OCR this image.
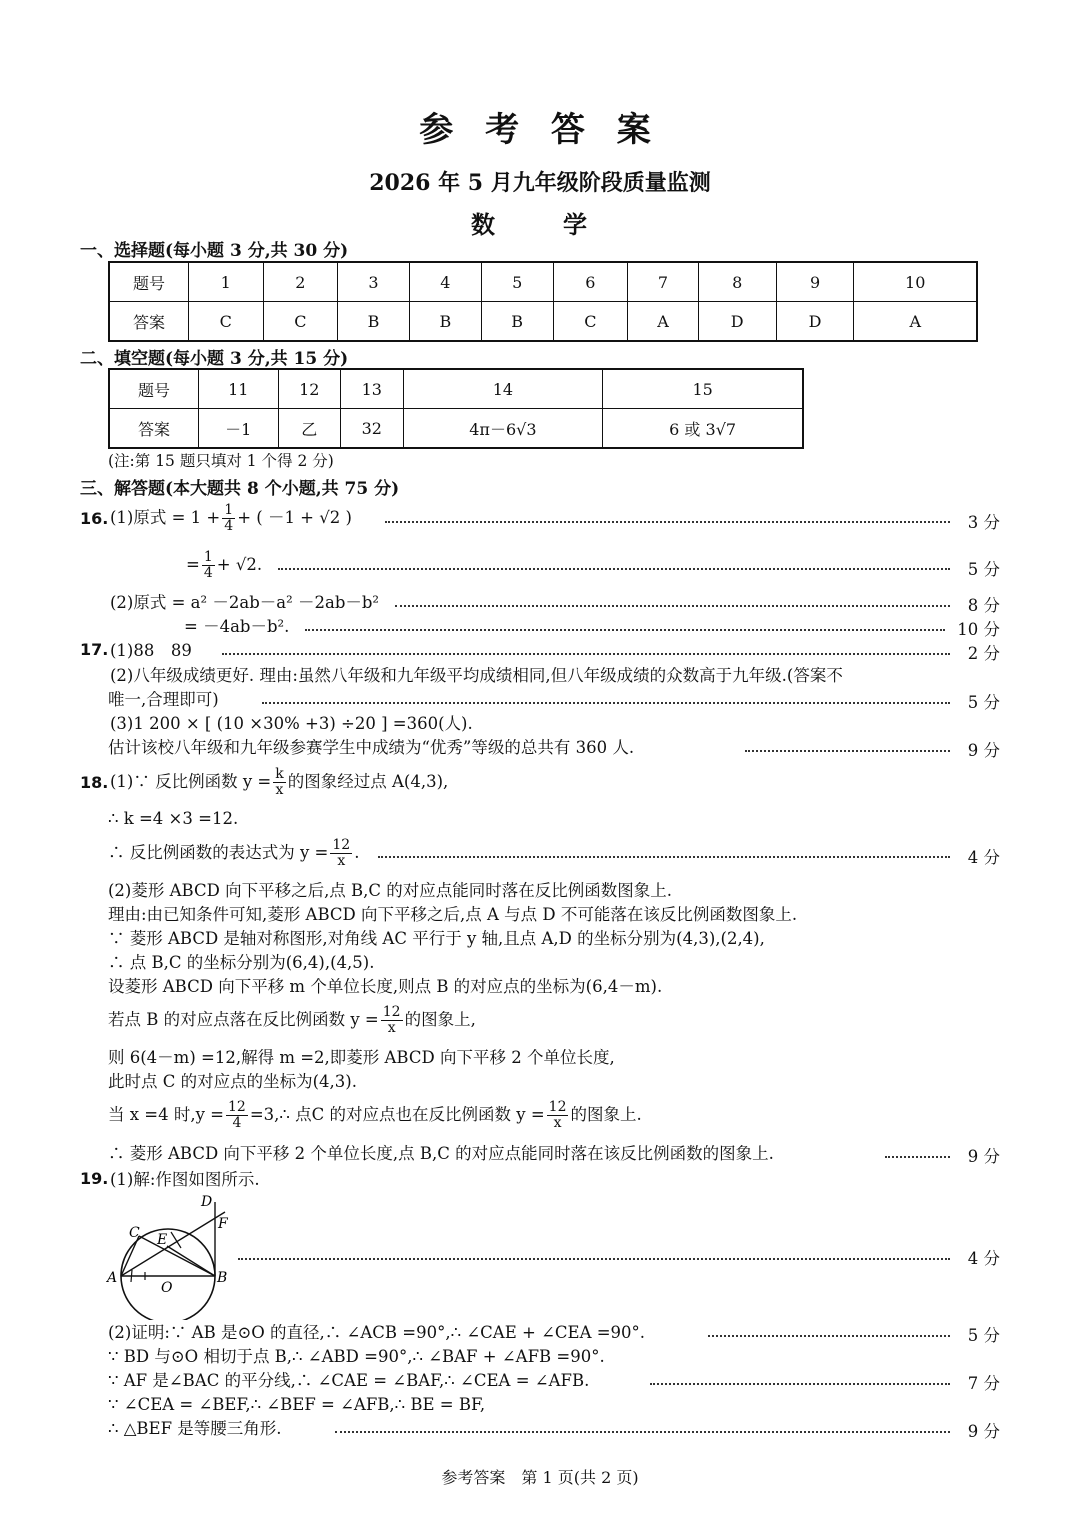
参 考 答 案
2026 年 5 月九年级阶段质量监测
数　学
一、选择题(每小题 3 分,共 30 分)
题号	1	2	3	4	5	6	7	8	9	10
答案	C	C	B	B	B	C	A	D	D	A
二、填空题(每小题 3 分,共 15 分)
题号	11	12	13	14	15
答案	－1	乙	32	4π－6√3	6 或 3√7
(注:第 15 题只填对 1 个得 2 分)
三、解答题(本大题共 8 个小题,共 75 分)
16. (1)原式 = $1 + \frac{1}{4}$ + ( －1 + √2 )	3 分
= $\frac{1}{4} + √2$.	5 分
(2)原式 = a² －2ab－a² －2ab－b²	8 分
= －4ab－b².	10 分
17. (1)88　89	2 分
(2)八年级成绩更好. 理由:虽然八年级和九年级平均成绩相同,但八年级成绩的众数高于九年级.(答案不
唯一,合理即可)	5 分
(3)1 200 × [ (10 ×30% +3) ÷20 ] =360(人).
估计该校八年级和九年级参赛学生中成绩为“优秀”等级的总共有 360 人.	9 分
18. (1)∵ 反比例函数 $y = \frac{k}{x}$ 的图象经过点 A(4,3),
∴ k =4 ×3 =12.
∴ 反比例函数的表达式为 $y = \frac{12}{x}$ .	4 分
(2)菱形 ABCD 向下平移之后,点 B,C 的对应点能同时落在反比例函数图象上.
理由:由已知条件可知,菱形 ABCD 向下平移之后,点 A 与点 D 不可能落在该反比例函数图象上.
∵ 菱形 ABCD 是轴对称图形,对角线 AC 平行于 y 轴,且点 A,D 的坐标分别为(4,3),(2,4),
∴ 点 B,C 的坐标分别为(6,4),(4,5).
设菱形 ABCD 向下平移 m 个单位长度,则点 B 的对应点的坐标为(6,4－m).
若点 B 的对应点落在反比例函数 $y = \frac{12}{x}$ 的图象上,
则 6(4－m) =12,解得 m =2,即菱形 ABCD 向下平移 2 个单位长度,
此时点 C 的对应点的坐标为(4,3).
当 x =4 时$,y = \frac{12}{4}$ =3,∴ 点C 的对应点也在反比例函数 $y = \frac{12}{x}$ 的图象上.
∴ 菱形 ABCD 向下平移 2 个单位长度,点 B,C 的对应点能同时落在该反比例函数的图象上.	9 分
19. (1)解:作图如图所示.
A	B
C
D
E
F
O
4 分
(2)证明:∵ AB 是⊙O 的直径,∴ ∠ACB =90°,∴ ∠CAE + ∠CEA =90°.	5 分
∵ BD 与⊙O 相切于点 B,∴ ∠ABD =90°,∴ ∠BAF + ∠AFB =90°.
∵ AF 是∠BAC 的平分线,∴ ∠CAE = ∠BAF,∴ ∠CEA = ∠AFB.	7 分
∵ ∠CEA = ∠BEF,∴ ∠BEF = ∠AFB,∴ BE = BF,
∴ △BEF 是等腰三角形.	9 分
参考答案　第 1 页(共 2 页)
